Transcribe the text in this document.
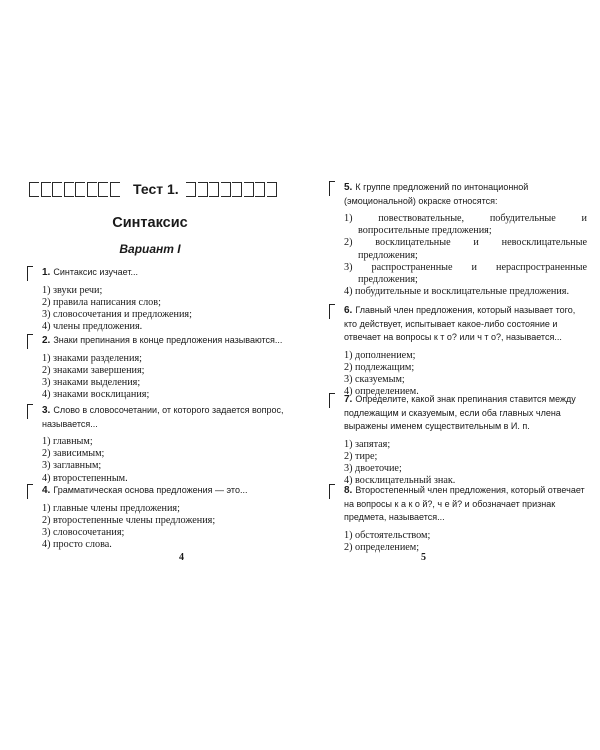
Тест 1.
Синтаксис
Вариант I
1. Синтаксис изучает...
1) звуки речи;
2) правила написания слов;
3) словосочетания и предложения;
4) члены предложения.
2. Знаки препинания в конце предложения называются...
1) знаками разделения;
2) знаками завершения;
3) знаками выделения;
4) знаками восклицания;
3. Слово в словосочетании, от которого задается вопрос, называется...
1) главным;
2) зависимым;
3) заглавным;
4) второстепенным.
4. Грамматическая основа предложения — это...
1) главные члены предложения;
2) второстепенные члены предложения;
3) словосочетания;
4) просто слова.
4
5. К группе предложений по интонационной (эмоциональной) окраске относятся:
1) повествовательные, побудительные и вопросительные предложения;
2) восклицательные и невосклицательные предложения;
3) распространенные и нераспространенные предложения;
4) побудительные и восклицательные предложения.
6. Главный член предложения, который называет того, кто действует, испытывает какое-либо состояние и отвечает на вопросы к т о? или ч т о?, называется...
1) дополнением;
2) подлежащим;
3) сказуемым;
4) определением.
7. Определите, какой знак препинания ставится между подлежащим и сказуемым, если оба главных члена выражены именем существительным в И. п.
1) запятая;
2) тире;
3) двоеточие;
4) восклицательный знак.
8. Второстепенный член предложения, который отвечает на вопросы к а к о й?, ч е й? и обозначает признак предмета, называется...
1) обстоятельством;
2) определением;
5
